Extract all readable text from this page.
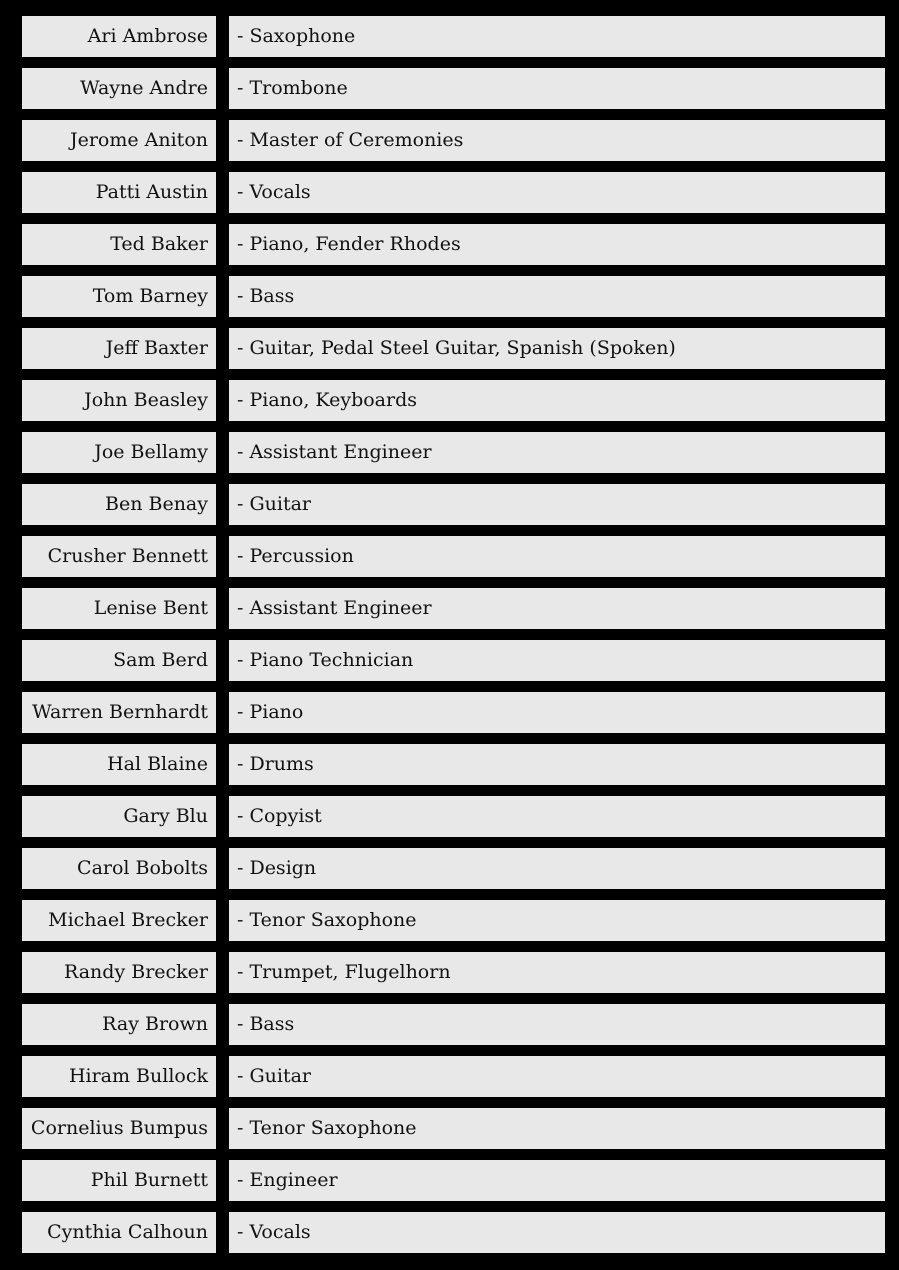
Ari Ambrose	- Saxophone
Wayne Andre	- Trombone
Jerome Aniton	- Master of Ceremonies
Patti Austin	- Vocals
Ted Baker	- Piano, Fender Rhodes
Tom Barney	- Bass
Jeff Baxter	- Guitar, Pedal Steel Guitar, Spanish (Spoken)
John Beasley	- Piano, Keyboards
Joe Bellamy	- Assistant Engineer
Ben Benay	- Guitar
Crusher Bennett	- Percussion
Lenise Bent	- Assistant Engineer
Sam Berd	- Piano Technician
Warren Bernhardt	- Piano
Hal Blaine	- Drums
Gary Blu	- Copyist
Carol Bobolts	- Design
Michael Brecker	- Tenor Saxophone
Randy Brecker	- Trumpet, Flugelhorn
Ray Brown	- Bass
Hiram Bullock	- Guitar
Cornelius Bumpus	- Tenor Saxophone
Phil Burnett	- Engineer
Cynthia Calhoun	- Vocals
